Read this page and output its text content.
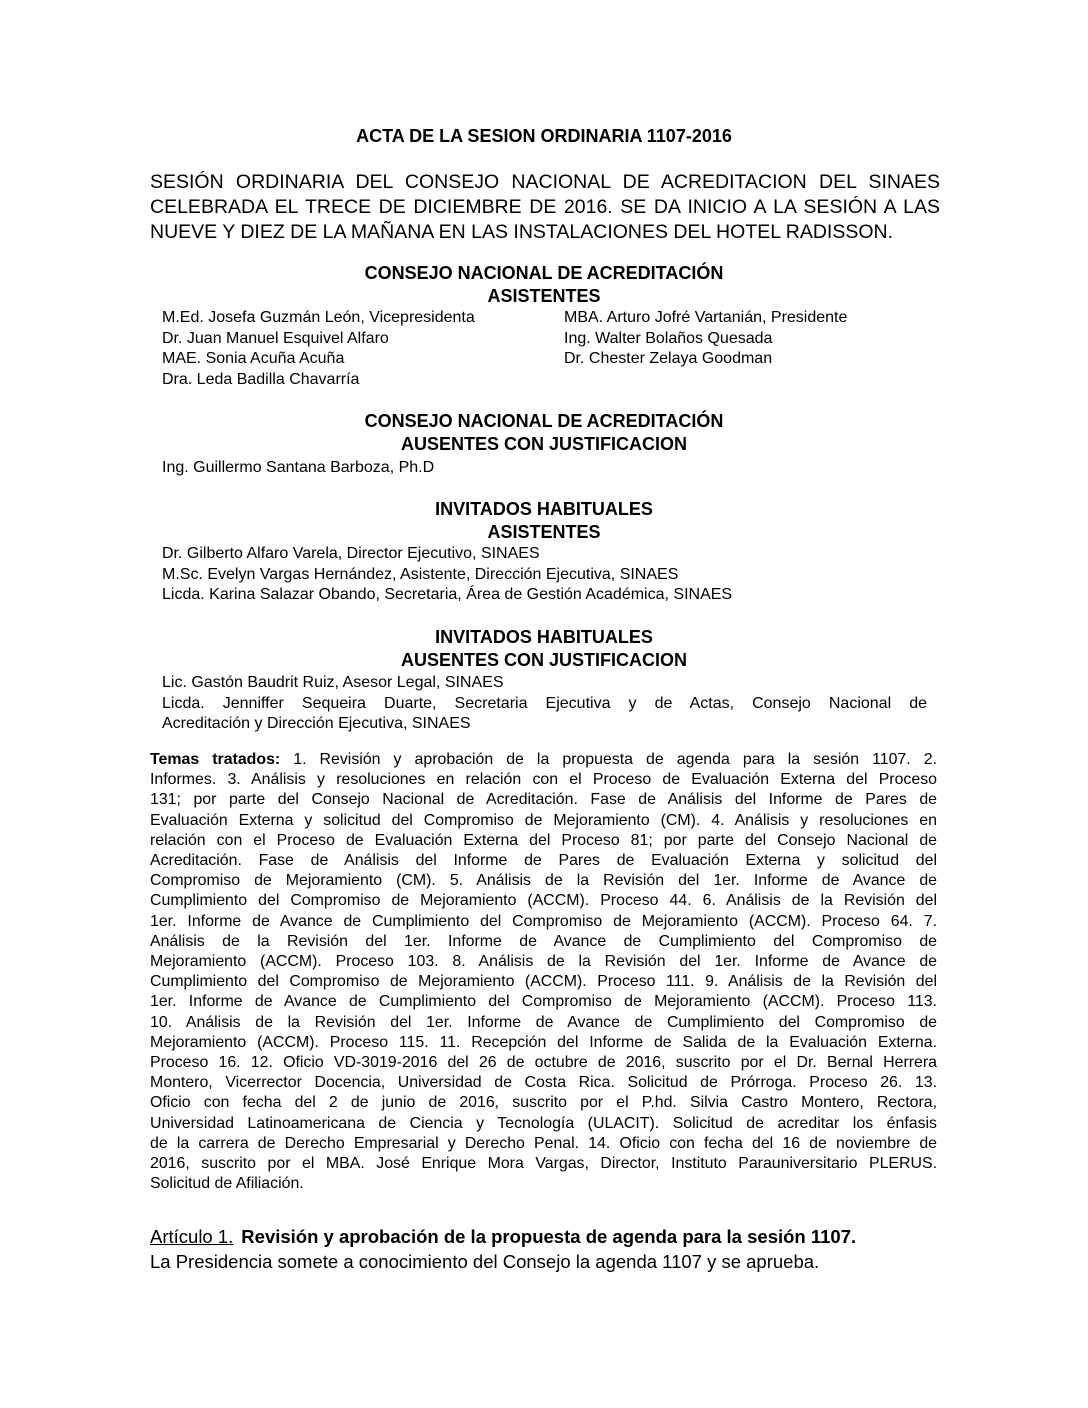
ACTA DE LA SESION ORDINARIA 1107-2016
SESIÓN ORDINARIA DEL CONSEJO NACIONAL DE ACREDITACION DEL SINAES
CELEBRADA EL TRECE DE DICIEMBRE DE 2016. SE DA INICIO A LA SESIÓN A LAS
NUEVE Y DIEZ DE LA MAÑANA EN LAS INSTALACIONES DEL HOTEL RADISSON.
CONSEJO NACIONAL DE ACREDITACIÓN
ASISTENTES
M.Ed. Josefa Guzmán León, Vicepresidenta
Dr. Juan Manuel Esquivel Alfaro
MAE. Sonia Acuña Acuña
Dra. Leda Badilla Chavarría
MBA. Arturo Jofré Vartanián, Presidente
Ing. Walter Bolaños Quesada
Dr. Chester Zelaya Goodman
CONSEJO NACIONAL DE ACREDITACIÓN
AUSENTES CON JUSTIFICACION
Ing. Guillermo Santana Barboza, Ph.D
INVITADOS HABITUALES
ASISTENTES
Dr. Gilberto Alfaro Varela, Director Ejecutivo, SINAES
M.Sc. Evelyn Vargas Hernández, Asistente, Dirección Ejecutiva, SINAES
Licda. Karina Salazar Obando, Secretaria, Área de Gestión Académica, SINAES
INVITADOS HABITUALES
AUSENTES CON JUSTIFICACION
Lic. Gastón Baudrit Ruiz, Asesor Legal, SINAES
Licda. Jenniffer Sequeira Duarte, Secretaria Ejecutiva y de Actas, Consejo Nacional de
Acreditación y Dirección Ejecutiva, SINAES
Temas tratados: 1. Revisión y aprobación de la propuesta de agenda para la sesión 1107. 2.
Informes. 3. Análisis y resoluciones en relación con el Proceso de Evaluación Externa del Proceso
131; por parte del Consejo Nacional de Acreditación. Fase de Análisis del Informe de Pares de
Evaluación Externa y solicitud del Compromiso de Mejoramiento (CM). 4. Análisis y resoluciones en
relación con el Proceso de Evaluación Externa del Proceso 81; por parte del Consejo Nacional de
Acreditación. Fase de Análisis del Informe de Pares de Evaluación Externa y solicitud del
Compromiso de Mejoramiento (CM). 5. Análisis de la Revisión del 1er. Informe de Avance de
Cumplimiento del Compromiso de Mejoramiento (ACCM). Proceso 44. 6. Análisis de la Revisión del
1er. Informe de Avance de Cumplimiento del Compromiso de Mejoramiento (ACCM). Proceso 64. 7.
Análisis de la Revisión del 1er. Informe de Avance de Cumplimiento del Compromiso de
Mejoramiento (ACCM). Proceso 103. 8. Análisis de la Revisión del 1er. Informe de Avance de
Cumplimiento del Compromiso de Mejoramiento (ACCM). Proceso 111. 9. Análisis de la Revisión del
1er. Informe de Avance de Cumplimiento del Compromiso de Mejoramiento (ACCM). Proceso 113.
10. Análisis de la Revisión del 1er. Informe de Avance de Cumplimiento del Compromiso de
Mejoramiento (ACCM). Proceso 115. 11. Recepción del Informe de Salida de la Evaluación Externa.
Proceso 16. 12. Oficio VD-3019-2016 del 26 de octubre de 2016, suscrito por el Dr. Bernal Herrera
Montero, Vicerrector Docencia, Universidad de Costa Rica. Solicitud de Prórroga. Proceso 26. 13.
Oficio con fecha del 2 de junio de 2016, suscrito por el P.hd. Silvia Castro Montero, Rectora,
Universidad Latinoamericana de Ciencia y Tecnología (ULACIT). Solicitud de acreditar los énfasis
de la carrera de Derecho Empresarial y Derecho Penal. 14. Oficio con fecha del 16 de noviembre de
2016, suscrito por el MBA. José Enrique Mora Vargas, Director, Instituto Parauniversitario PLERUS.
Solicitud de Afiliación.
Artículo 1. Revisión y aprobación de la propuesta de agenda para la sesión 1107.
La Presidencia somete a conocimiento del Consejo la agenda 1107 y se aprueba.
